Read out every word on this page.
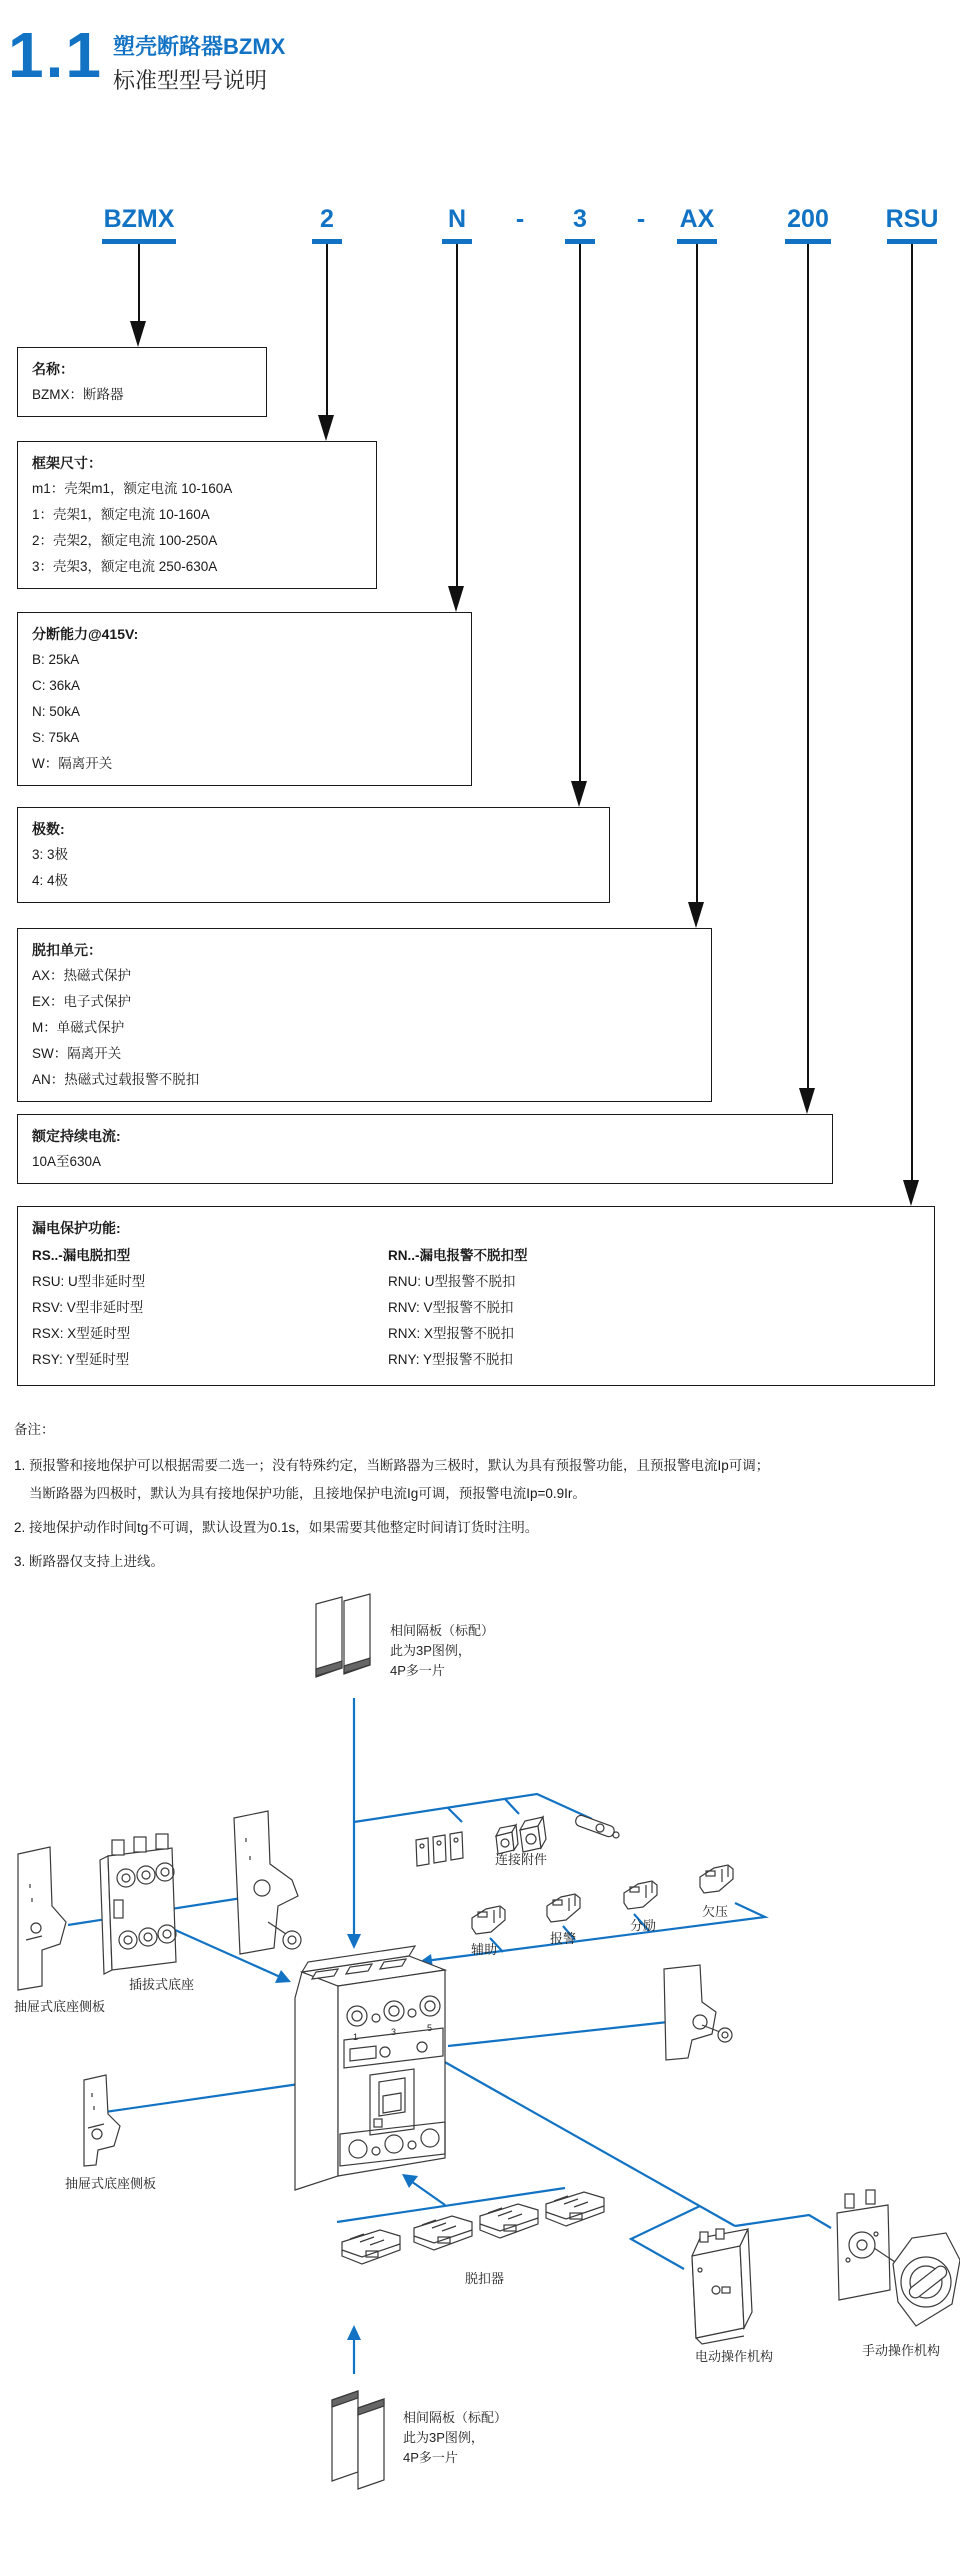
1.1 塑壳断路器BZMX
标准型型号说明
BZMX	2	N	-	3	-	AX	200	RSU
名称：
BZMX：断路器
框架尺寸：
m1：壳架m1，额定电流 10-160A
1：壳架1，额定电流 10-160A
2：壳架2，额定电流 100-250A
3：壳架3，额定电流 250-630A
分断能力@415V:
B: 25kA
C: 36kA
N: 50kA
S: 75kA
W：隔离开关
极数:
3: 3极
4: 4极
脱扣单元：
AX：热磁式保护
EX：电子式保护
M：单磁式保护
SW：隔离开关
AN：热磁式过载报警不脱扣
额定持续电流:
10A至630A
漏电保护功能:
RS..-漏电脱扣型
RSU: U型非延时型
RSV: V型非延时型
RSX: X型延时型
RSY: Y型延时型
RN..-漏电报警不脱扣型
RNU: U型报警不脱扣
RNV: V型报警不脱扣
RNX: X型报警不脱扣
RNY: Y型报警不脱扣
备注：
1. 预报警和接地保护可以根据需要二选一；没有特殊约定，当断路器为三极时，默认为具有预报警功能，且预报警电流Ip可调；
当断路器为四极时，默认为具有接地保护功能，且接地保护电流Ig可调，预报警电流Ip=0.9Ir。
2. 接地保护动作时间tg不可调，默认设置为0.1s，如果需要其他整定时间请订货时注明。
3. 断路器仅支持上进线。
1	3	5
相间隔板（标配）
此为3P图例，
4P多一片
连接附件
欠压
分励
报警
辅助
插拔式底座
抽屉式底座侧板
抽屉式底座侧板
脱扣器
电动操作机构	手动操作机构
相间隔板（标配）
此为3P图例，
4P多一片
